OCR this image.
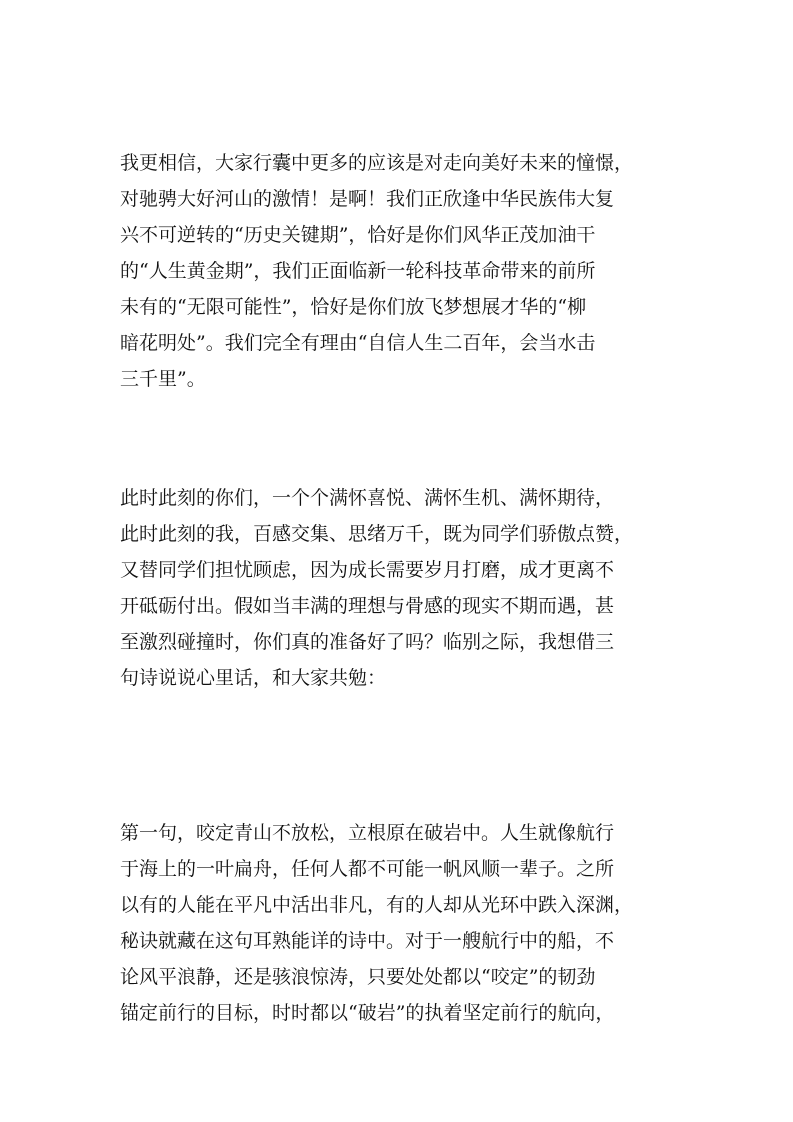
我更相信，大家行囊中更多的应该是对走向美好未来的憧憬，
对驰骋大好河山的激情！是啊！我们正欣逢中华民族伟大复
兴不可逆转的“历史关键期”，恰好是你们风华正茂加油干
的“人生黄金期”，我们正面临新一轮科技革命带来的前所
未有的“无限可能性”，恰好是你们放飞梦想展才华的“柳
暗花明处”。我们完全有理由“自信人生二百年，会当水击
三千里”。
此时此刻的你们，一个个满怀喜悦、满怀生机、满怀期待，
此时此刻的我，百感交集、思绪万千，既为同学们骄傲点赞，
又替同学们担忧顾虑，因为成长需要岁月打磨，成才更离不
开砥砺付出。假如当丰满的理想与骨感的现实不期而遇，甚
至激烈碰撞时，你们真的准备好了吗？临别之际，我想借三
句诗说说心里话，和大家共勉：
第一句，咬定青山不放松，立根原在破岩中。人生就像航行
于海上的一叶扁舟，任何人都不可能一帆风顺一辈子。之所
以有的人能在平凡中活出非凡，有的人却从光环中跌入深渊，
秘诀就藏在这句耳熟能详的诗中。对于一艘航行中的船，不
论风平浪静，还是骇浪惊涛，只要处处都以“咬定”的韧劲
锚定前行的目标，时时都以“破岩”的执着坚定前行的航向，
